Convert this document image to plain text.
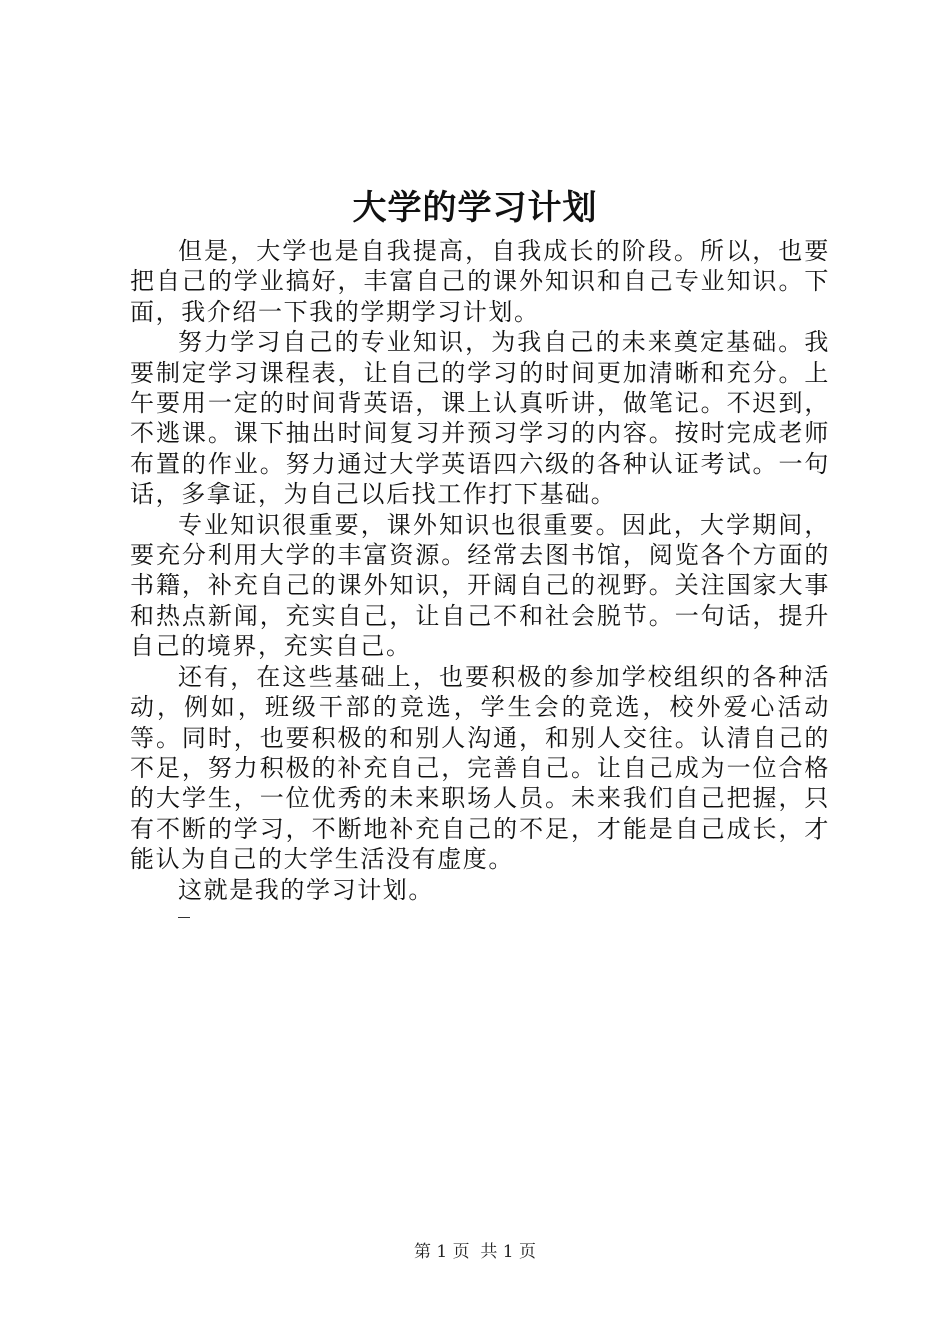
大学的学习计划

但是，大学也是自我提高，自我成长的阶段。所以，也要把自己的学业搞好，丰富自己的课外知识和自己专业知识。下面，我介绍一下我的学期学习计划。

努力学习自己的专业知识，为我自己的未来奠定基础。我要制定学习课程表，让自己的学习的时间更加清晰和充分。上午要用一定的时间背英语，课上认真听讲，做笔记。不迟到，不逃课。课下抽出时间复习并预习学习的内容。按时完成老师布置的作业。努力通过大学英语四六级的各种认证考试。一句话，多拿证，为自己以后找工作打下基础。

专业知识很重要，课外知识也很重要。因此，大学期间，要充分利用大学的丰富资源。经常去图书馆，阅览各个方面的书籍，补充自己的课外知识，开阔自己的视野。关注国家大事和热点新闻，充实自己，让自己不和社会脱节。一句话，提升自己的境界，充实自己。

还有，在这些基础上，也要积极的参加学校组织的各种活动，例如，班级干部的竞选，学生会的竞选，校外爱心活动等。同时，也要积极的和别人沟通，和别人交往。认清自己的不足，努力积极的补充自己，完善自己。让自己成为一位合格的大学生，一位优秀的未来职场人员。未来我们自己把握，只有不断的学习，不断地补充自己的不足，才能是自己成长，才能认为自己的大学生活没有虚度。

这就是我的学习计划。

第 1 页  共 1 页
